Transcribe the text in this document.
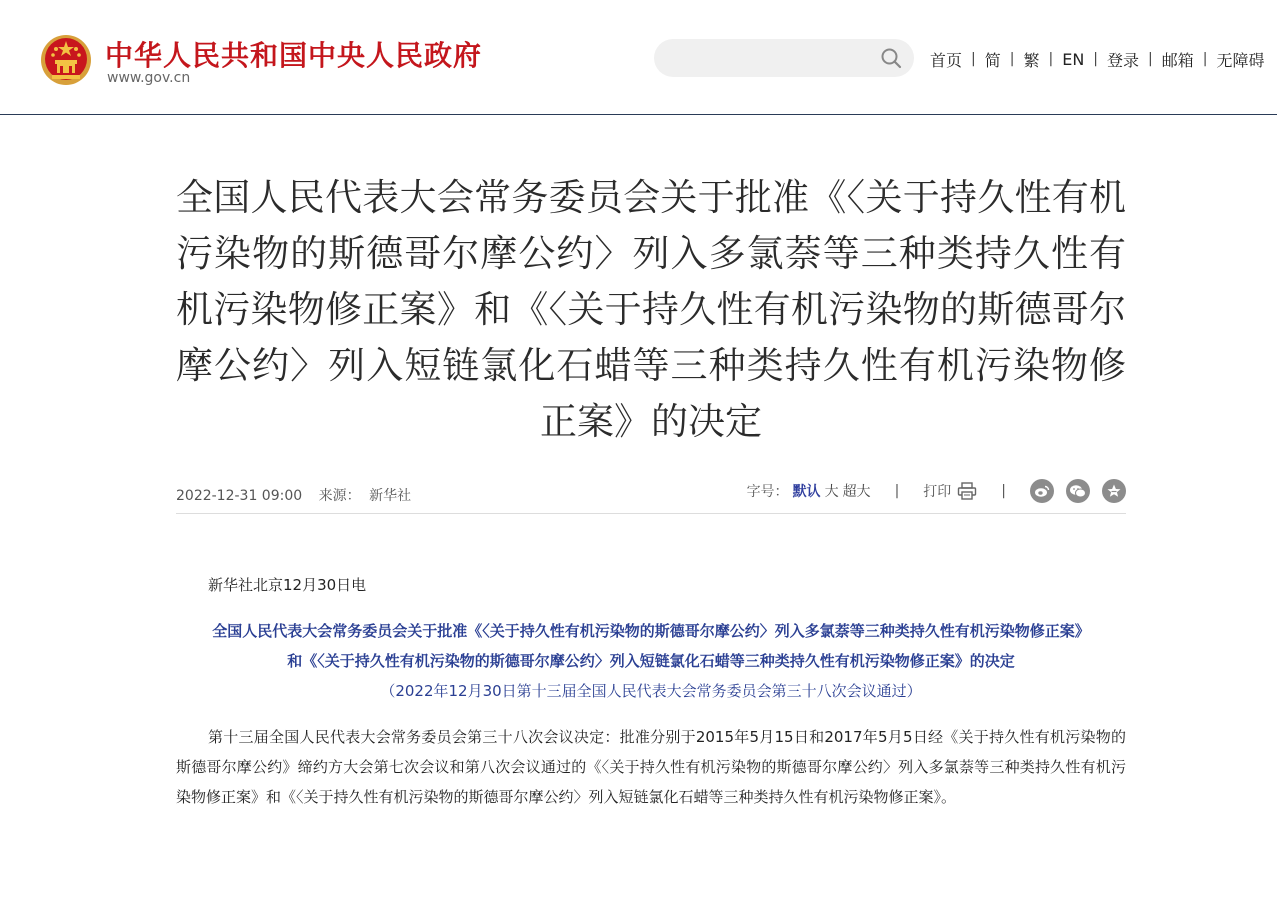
中华人民共和国中央人民政府
www.gov.cn
首页 | 简 | 繁 | EN | 登录 | 邮箱 | 无障碍
全国人民代表大会常务委员会关于批准《〈关于持久性有机污染物的斯德哥尔摩公约〉列入多氯萘等三种类持久性有机污染物修正案》和《〈关于持久性有机污染物的斯德哥尔摩公约〉列入短链氯化石蜡等三种类持久性有机污染物修正案》的决定
2022-12-31 09:00 来源： 新华社	字号： 默认 大 超大 | 打印	|
新华社北京12月30日电
全国人民代表大会常务委员会关于批准《〈关于持久性有机污染物的斯德哥尔摩公约〉列入多氯萘等三种类持久性有机污染物修正案》
和《〈关于持久性有机污染物的斯德哥尔摩公约〉列入短链氯化石蜡等三种类持久性有机污染物修正案》的决定
（2022年12月30日第十三届全国人民代表大会常务委员会第三十八次会议通过）

第十三届全国人民代表大会常务委员会第三十八次会议决定：批准分别于2015年5月15日和2017年5月5日经《关于持久性有机污染物的斯德哥尔摩公约》缔约方大会第七次会议和第八次会议通过的《〈关于持久性有机污染物的斯德哥尔摩公约〉列入多氯萘等三种类持久性有机污染物修正案》和《〈关于持久性有机污染物的斯德哥尔摩公约〉列入短链氯化石蜡等三种类持久性有机污染物修正案》。
